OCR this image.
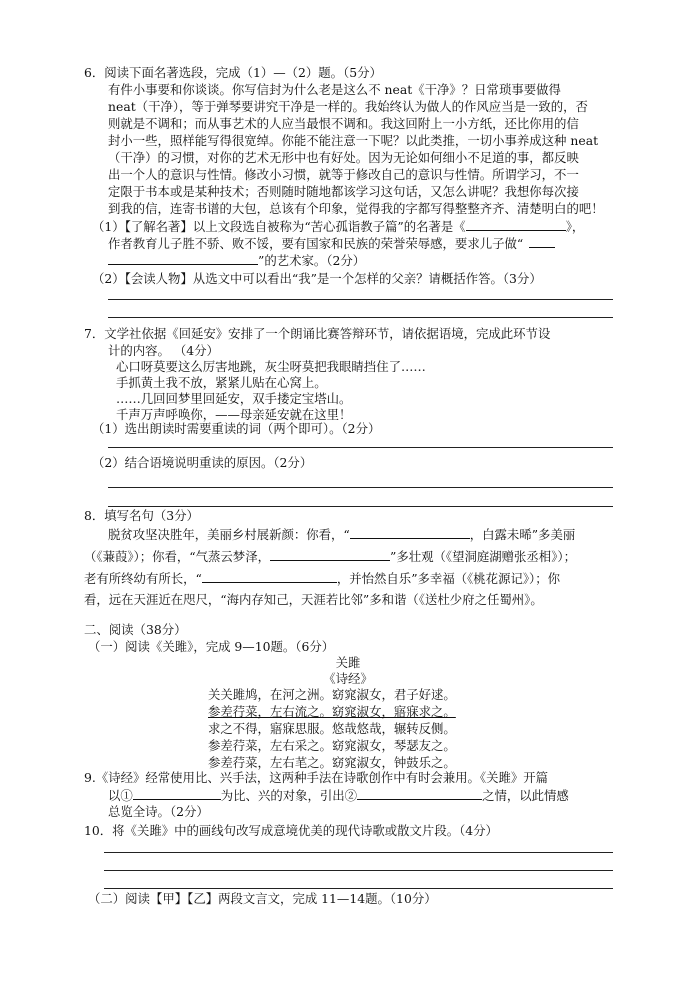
6．阅读下面名著选段，完成（1）—（2）题。（5分）
有件小事要和你谈谈。你写信封为什么老是这么不 neat《干净》？日常琐事要做得
neat（干净），等于弹琴要讲究干净是一样的。我始终认为做人的作风应当是一致的，否
则就是不调和；而从事艺术的人应当最恨不调和。我这回附上一小方纸，还比你用的信
封小一些，照样能写得很宽绰。你能不能注意一下呢？以此类推，一切小事养成这种 neat
（干净）的习惯，对你的艺术无形中也有好处。因为无论如何细小不足道的事，都反映
出一个人的意识与性情。修改小习惯，就等于修改自己的意识与性情。所谓学习，不一
定限于书本或是某种技术；否则随时随地都该学习这句话，又怎么讲呢？我想你每次接
到我的信，连寄书谱的大包，总该有个印象，觉得我的字都写得整整齐齐、清楚明白的吧！
（1）【了解名著】以上文段选自被称为“苦心孤诣教子篇”的名著是《	》，
作者教育儿子胜不骄、败不馁，要有国家和民族的荣誉荣辱感，要求儿子做“
”的艺术家。（2分）
（2）【会读人物】从选文中可以看出“我”是一个怎样的父亲？请概括作答。（3分）
7．文学社依据《回延安》安排了一个朗诵比赛答辩环节，请依据语境，完成此环节设
计的内容。 （4分）
心口呀莫要这么厉害地跳，灰尘呀莫把我眼睛挡住了……
手抓黄土我不放，紧紧儿贴在心窝上。
……几回回梦里回延安，双手搂定宝塔山。
千声万声呼唤你，——母亲延安就在这里！
（1）选出朗读时需要重读的词（两个即可）。（2分）
（2）结合语境说明重读的原因。（2分）
8．填写名句（3分）
脱贫攻坚决胜年，美丽乡村展新颜：你看，“	，白露未晞”多美丽
（《蒹葭》）；你看，“气蒸云梦泽，	”多壮观（《望洞庭湖赠张丞相》）；
老有所终幼有所长，“	，并怡然自乐”多幸福（《桃花源记》）；你
看，远在天涯近在咫尺，“海内存知己，天涯若比邻”多和谐（《送杜少府之任蜀州》。
二、阅读（38分）
（一）阅读《关雎》，完成 9—10题。（6分）
关雎
《诗经》
关关雎鸠，在河之洲。窈窕淑女，君子好逑。
参差荇菜，左右流之。窈窕淑女，寤寐求之。
求之不得，寤寐思服。悠哉悠哉，辗转反侧。
参差荇菜，左右采之。窈窕淑女，琴瑟友之。
参差荇菜，左右芼之。窈窕淑女，钟鼓乐之。
9.《诗经》经常使用比、兴手法，这两种手法在诗歌创作中有时会兼用。《关雎》开篇
以①	为比、兴的对象，引出②	之情，以此情感
总览全诗。（2分）
10．将《关雎》中的画线句改写成意境优美的现代诗歌或散文片段。（4分）
（二）阅读【甲】【乙】两段文言文，完成 11—14题。（10分）
